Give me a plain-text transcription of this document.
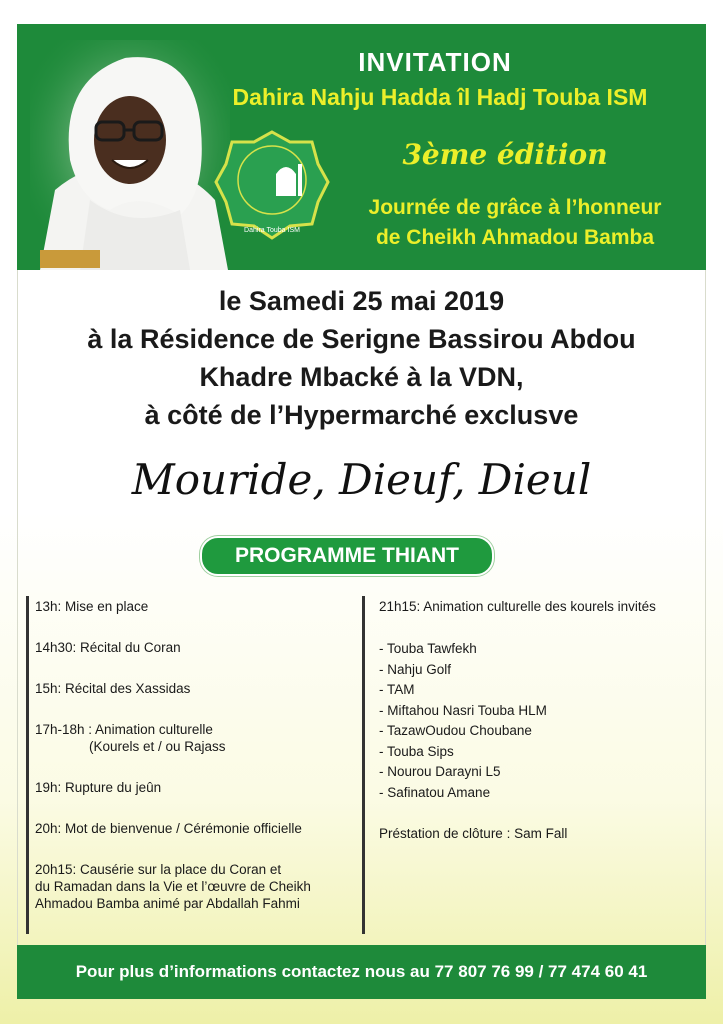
Dahira Touba ISM
INVITATION
Dahira Nahju Hadda îl Hadj Touba ISM
3ème édition
Journée de grâce à l’honneur
de Cheikh Ahmadou Bamba
le Samedi 25 mai 2019
à la Résidence de Serigne Bassirou Abdou
Khadre Mbacké à la VDN,
à côté de l’Hypermarché exclusve
Mouride, Dieuf, Dieul
PROGRAMME THIANT
13h: Mise en place
14h30: Récital du Coran
15h: Récital des Xassidas
17h-18h : Animation culturelle
(Kourels et / ou Rajass
19h: Rupture du jeûn
20h: Mot de bienvenue / Cérémonie officielle
20h15: Causérie sur la place du Coran et
du Ramadan dans la Vie et l’œuvre de Cheikh
Ahmadou Bamba animé par Abdallah Fahmi
21h15: Animation culturelle des kourels invités
- Touba Tawfekh
- Nahju Golf
- TAM
- Miftahou Nasri Touba HLM
- TazawOudou Choubane
- Touba Sips
- Nourou Darayni L5
- Safinatou Amane
Préstation de clôture : Sam Fall
Pour plus d’informations contactez nous au 77 807 76 99 / 77 474 60 41
